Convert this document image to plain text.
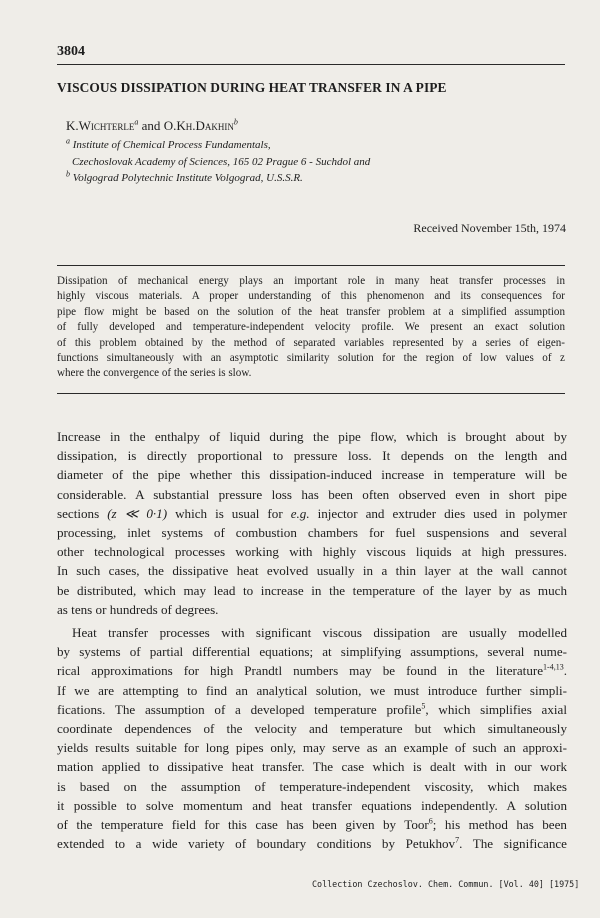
3804
VISCOUS DISSIPATION DURING HEAT TRANSFER IN A PIPE
K.Wichterle$^a$ and O.Kh.Dakhin$^b$
$^a$ Institute of Chemical Process Fundamentals,
Czechoslovak Academy of Sciences, 165 02 Prague 6 - Suchdol and
$^b$ Volgograd Polytechnic Institute Volgograd, U.S.S.R.
Received November 15th, 1974
Dissipation of mechanical energy plays an important role in many heat transfer processes in
highly viscous materials. A proper understanding of this phenomenon and its consequences for
pipe flow might be based on the solution of the heat transfer problem at a simplified assumption
of fully developed and temperature-independent velocity profile. We present an exact solution
of this problem obtained by the method of separated variables represented by a series of eigen-
functions simultaneously with an asymptotic similarity solution for the region of low values of z
where the convergence of the series is slow.
Increase in the enthalpy of liquid during the pipe flow, which is brought about by
dissipation, is directly proportional to pressure loss. It depends on the length and
diameter of the pipe whether this dissipation-induced increase in temperature will be
considerable. A substantial pressure loss has been often observed even in short pipe
sections (z ≪ 0·1) which is usual for e.g. injector and extruder dies used in polymer
processing, inlet systems of combustion chambers for fuel suspensions and several
other technological processes working with highly viscous liquids at high pressures.
In such cases, the dissipative heat evolved usually in a thin layer at the wall cannot
be distributed, which may lead to increase in the temperature of the layer by as much
as tens or hundreds of degrees.
Heat transfer processes with significant viscous dissipation are usually modelled
by systems of partial differential equations; at simplifying assumptions, several nume-
rical approximations for high Prandtl numbers may be found in the literature$^{1-4,13}$.
If we are attempting to find an analytical solution, we must introduce further simpli-
fications. The assumption of a developed temperature profile$^5$, which simplifies axial
coordinate dependences of the velocity and temperature but which simultaneously
yields results suitable for long pipes only, may serve as an example of such an approxi-
mation applied to dissipative heat transfer. The case which is dealt with in our work
is based on the assumption of temperature-independent viscosity, which makes
it possible to solve momentum and heat transfer equations independently. A solution
of the temperature field for this case has been given by Toor$^6$; his method has been
extended to a wide variety of boundary conditions by Petukhov$^7$. The significance
Collection Czechoslov. Chem. Commun. [Vol. 40] [1975]
